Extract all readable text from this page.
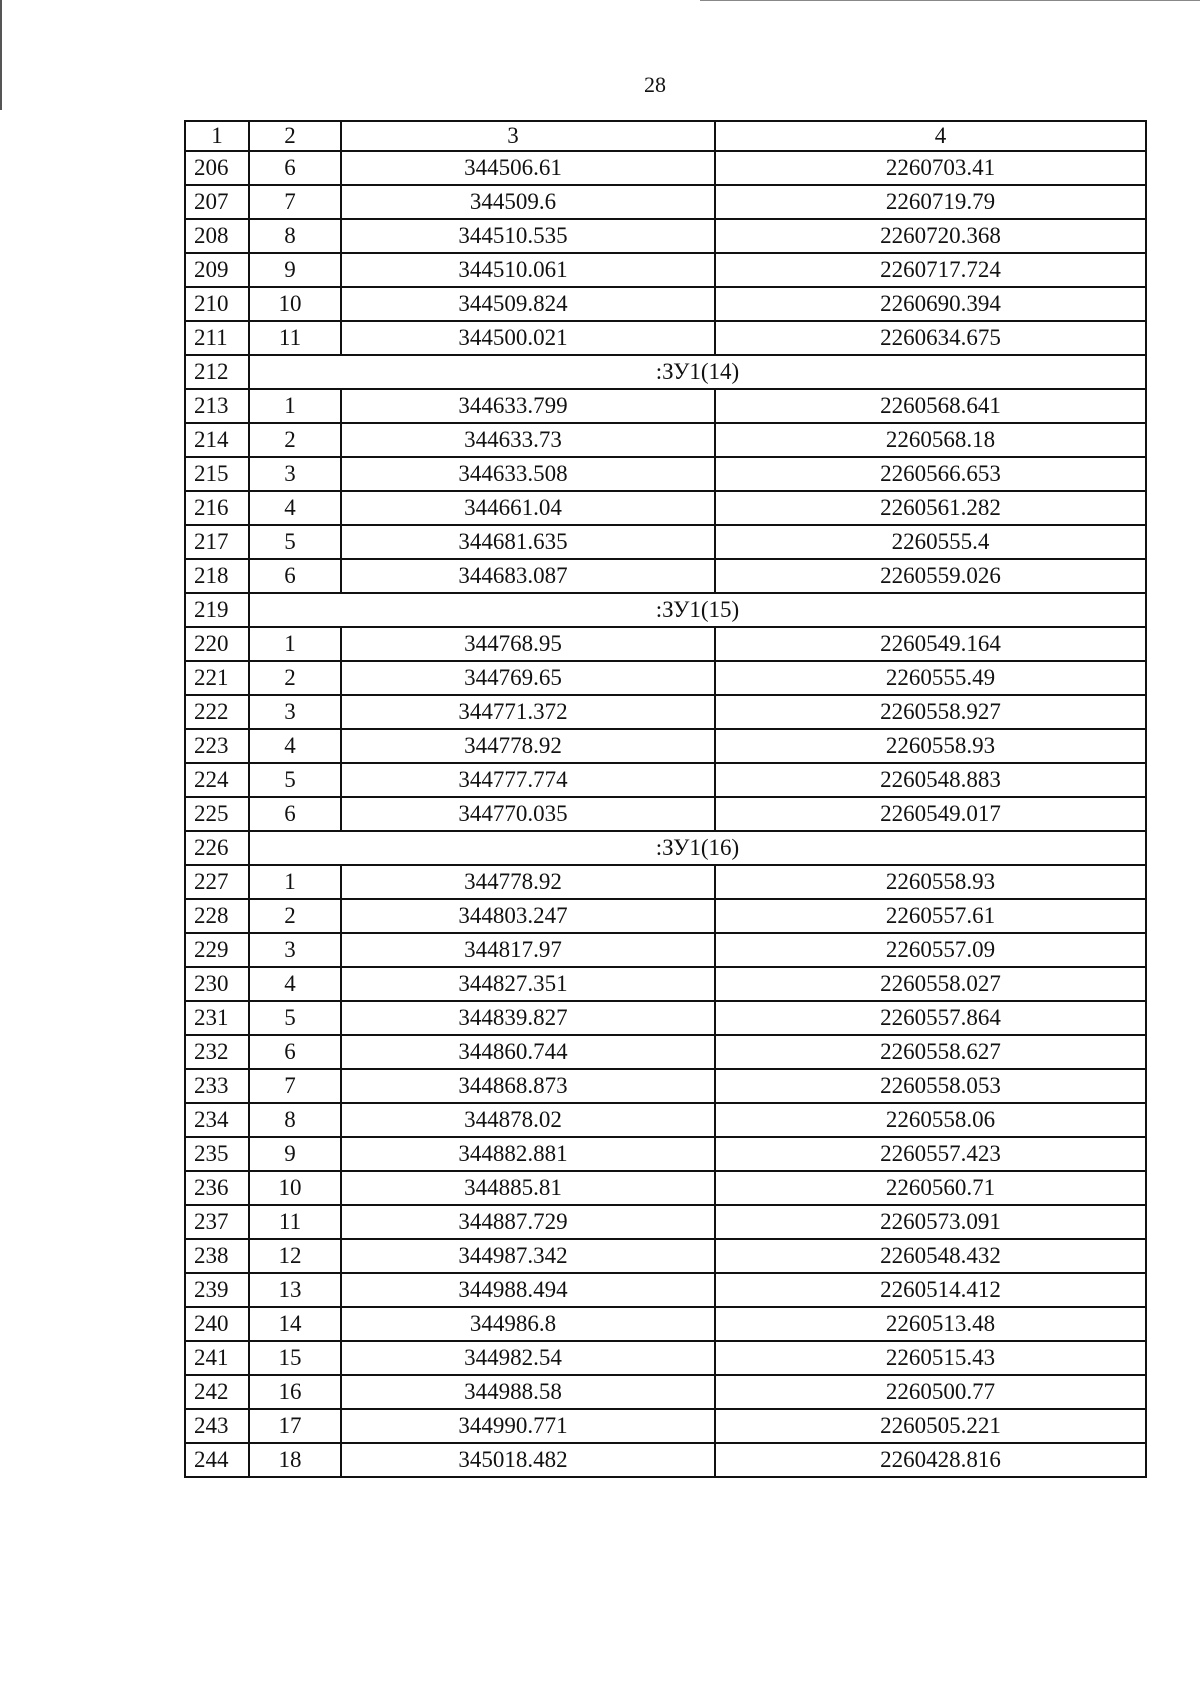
28
1	2	3	4
206	6	344506.61	2260703.41
207	7	344509.6	2260719.79
208	8	344510.535	2260720.368
209	9	344510.061	2260717.724
210	10	344509.824	2260690.394
211	11	344500.021	2260634.675
212	:ЗУ1(14)		
213	1	344633.799	2260568.641
214	2	344633.73	2260568.18
215	3	344633.508	2260566.653
216	4	344661.04	2260561.282
217	5	344681.635	2260555.4
218	6	344683.087	2260559.026
219	:ЗУ1(15)		
220	1	344768.95	2260549.164
221	2	344769.65	2260555.49
222	3	344771.372	2260558.927
223	4	344778.92	2260558.93
224	5	344777.774	2260548.883
225	6	344770.035	2260549.017
226	:ЗУ1(16)		
227	1	344778.92	2260558.93
228	2	344803.247	2260557.61
229	3	344817.97	2260557.09
230	4	344827.351	2260558.027
231	5	344839.827	2260557.864
232	6	344860.744	2260558.627
233	7	344868.873	2260558.053
234	8	344878.02	2260558.06
235	9	344882.881	2260557.423
236	10	344885.81	2260560.71
237	11	344887.729	2260573.091
238	12	344987.342	2260548.432
239	13	344988.494	2260514.412
240	14	344986.8	2260513.48
241	15	344982.54	2260515.43
242	16	344988.58	2260500.77
243	17	344990.771	2260505.221
244	18	345018.482	2260428.816
